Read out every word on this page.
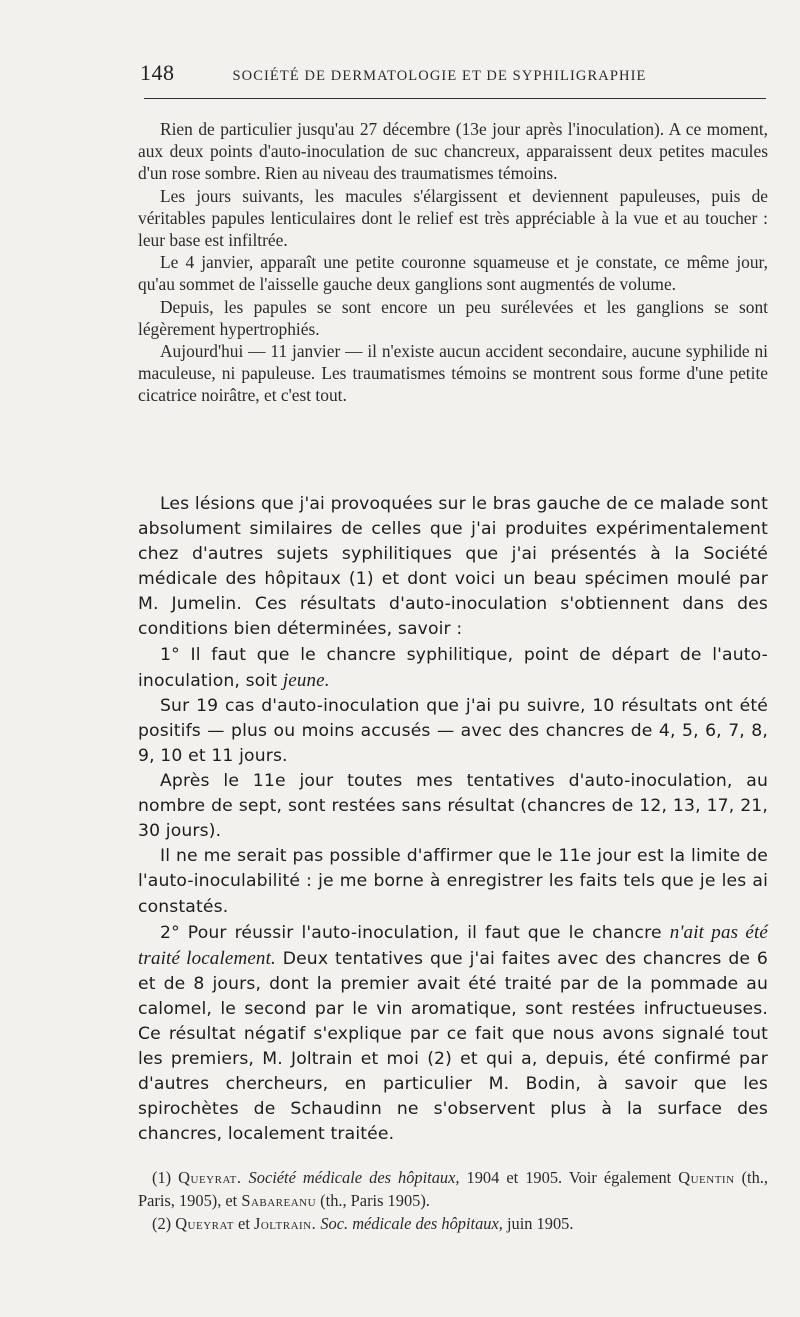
148	SOCIÉTÉ DE DERMATOLOGIE ET DE SYPHILIGRAPHIE

Rien de particulier jusqu'au 27 décembre (13e jour après l'inoculation). A ce moment, aux deux points d'auto-inoculation de suc chancreux, apparaissent deux petites macules d'un rose sombre. Rien au niveau des traumatismes témoins.

Les jours suivants, les macules s'élargissent et deviennent papuleuses, puis de véritables papules lenticulaires dont le relief est très appréciable à la vue et au toucher : leur base est infiltrée.

Le 4 janvier, apparaît une petite couronne squameuse et je constate, ce même jour, qu'au sommet de l'aisselle gauche deux ganglions sont augmentés de volume.

Depuis, les papules se sont encore un peu surélevées et les ganglions se sont légèrement hypertrophiés.

Aujourd'hui — 11 janvier — il n'existe aucun accident secondaire, aucune syphilide ni maculeuse, ni papuleuse. Les traumatismes témoins se montrent sous forme d'une petite cicatrice noirâtre, et c'est tout.

Les lésions que j'ai provoquées sur le bras gauche de ce malade sont absolument similaires de celles que j'ai produites expérimentalement chez d'autres sujets syphilitiques que j'ai présentés à la Société médicale des hôpitaux (1) et dont voici un beau spécimen moulé par M. Jumelin. Ces résultats d'auto-inoculation s'obtiennent dans des conditions bien déterminées, savoir :

1° Il faut que le chancre syphilitique, point de départ de l'auto-inoculation, soit jeune.

Sur 19 cas d'auto-inoculation que j'ai pu suivre, 10 résultats ont été positifs — plus ou moins accusés — avec des chancres de 4, 5, 6, 7, 8, 9, 10 et 11 jours.

Après le 11e jour toutes mes tentatives d'auto-inoculation, au nombre de sept, sont restées sans résultat (chancres de 12, 13, 17, 21, 30 jours).

Il ne me serait pas possible d'affirmer que le 11e jour est la limite de l'auto-inoculabilité : je me borne à enregistrer les faits tels que je les ai constatés.

2° Pour réussir l'auto-inoculation, il faut que le chancre n'ait pas été traité localement. Deux tentatives que j'ai faites avec des chancres de 6 et de 8 jours, dont la premier avait été traité par de la pommade au calomel, le second par le vin aromatique, sont restées infructueuses. Ce résultat négatif s'explique par ce fait que nous avons signalé tout les premiers, M. Joltrain et moi (2) et qui a, depuis, été confirmé par d'autres chercheurs, en particulier M. Bodin, à savoir que les spirochètes de Schaudinn ne s'observent plus à la surface des chancres, localement traitée.

(1) Queyrat. Société médicale des hôpitaux, 1904 et 1905. Voir également Quentin (th., Paris, 1905), et Sabareanu (th., Paris 1905).

(2) Queyrat et Joltrain. Soc. médicale des hôpitaux, juin 1905.
